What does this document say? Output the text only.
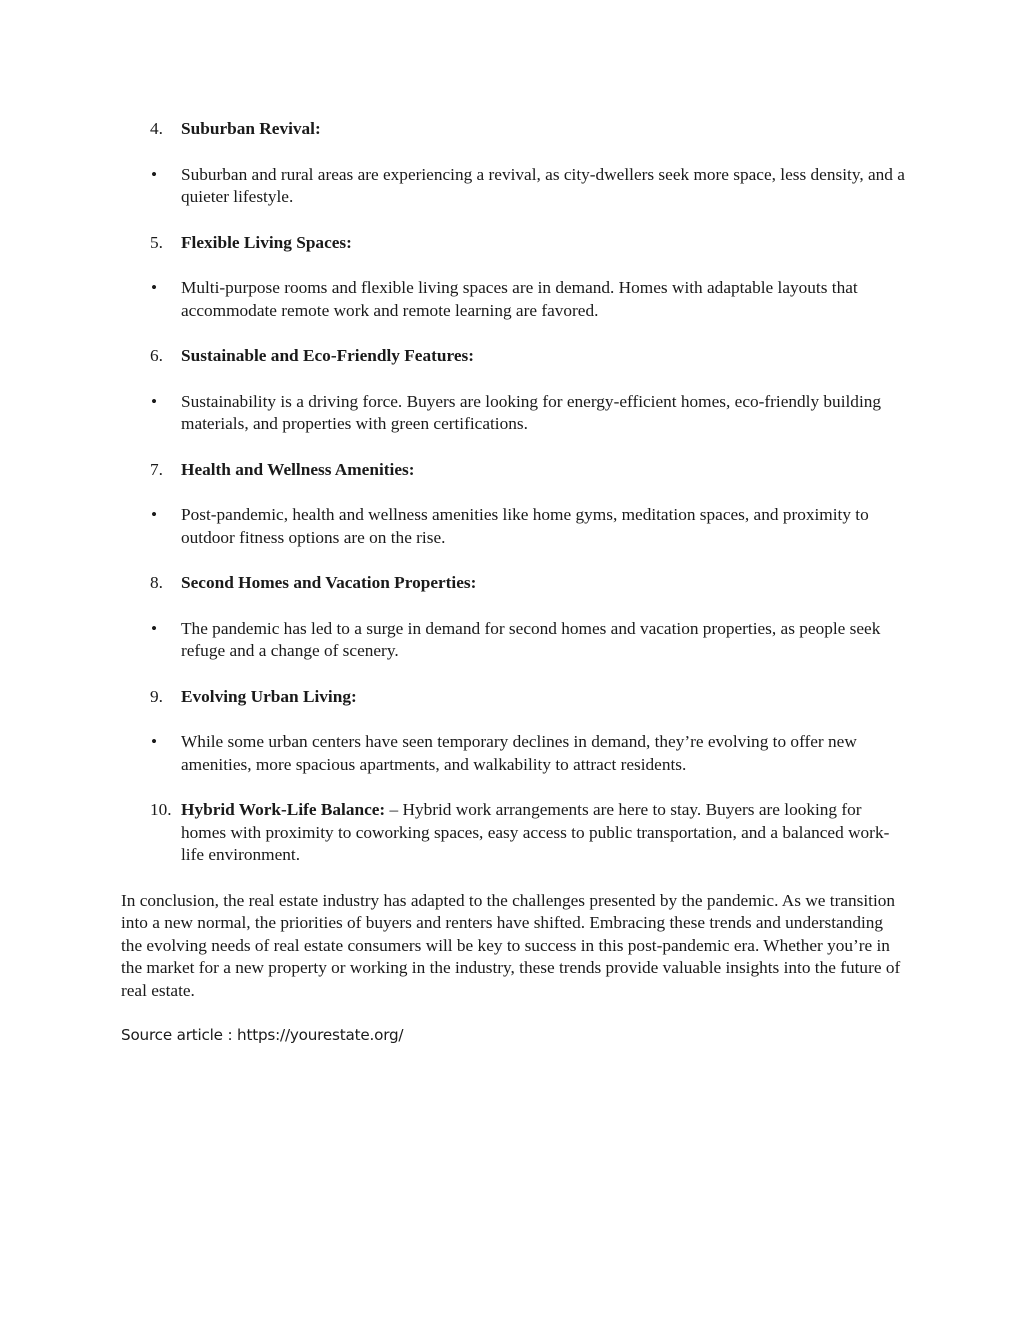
4.	Suburban Revival:
•	Suburban and rural areas are experiencing a revival, as city-dwellers seek more space, less density, and a quieter lifestyle.
5.	Flexible Living Spaces:
•	Multi-purpose rooms and flexible living spaces are in demand. Homes with adaptable layouts that accommodate remote work and remote learning are favored.
6.	Sustainable and Eco-Friendly Features:
•	Sustainability is a driving force. Buyers are looking for energy-efficient homes, eco-friendly building materials, and properties with green certifications.
7.	Health and Wellness Amenities:
•	Post-pandemic, health and wellness amenities like home gyms, meditation spaces, and proximity to outdoor fitness options are on the rise.
8.	Second Homes and Vacation Properties:
•	The pandemic has led to a surge in demand for second homes and vacation properties, as people seek refuge and a change of scenery.
9.	Evolving Urban Living:
•	While some urban centers have seen temporary declines in demand, they’re evolving to offer new amenities, more spacious apartments, and walkability to attract residents.
10. Hybrid Work-Life Balance: – Hybrid work arrangements are here to stay. Buyers are looking for homes with proximity to coworking spaces, easy access to public transportation, and a balanced work-life environment.
In conclusion, the real estate industry has adapted to the challenges presented by the pandemic. As we transition into a new normal, the priorities of buyers and renters have shifted. Embracing these trends and understanding the evolving needs of real estate consumers will be key to success in this post-pandemic era. Whether you’re in the market for a new property or working in the industry, these trends provide valuable insights into the future of real estate.
Source article : https://yourestate.org/
